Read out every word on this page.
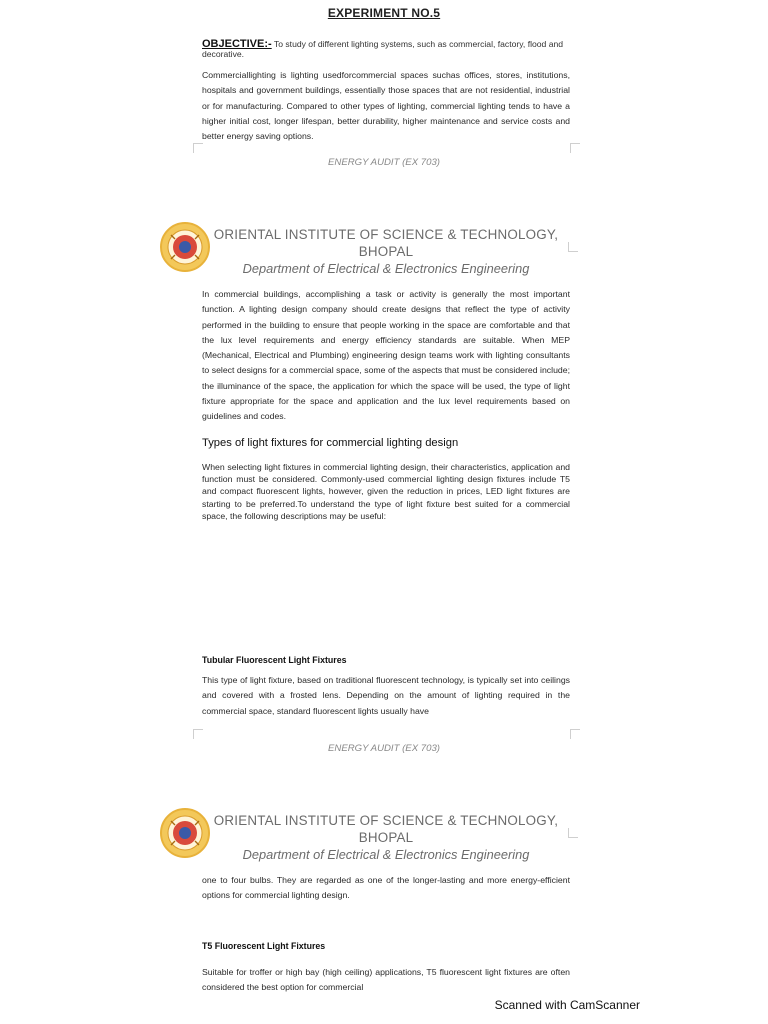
EXPERIMENT NO.5
OBJECTIVE:- To study of different lighting systems, such as commercial, factory, flood and decorative.
Commerciallighting is lighting usedforcommercial spaces suchas offices, stores, institutions, hospitals and government buildings, essentially those spaces that are not residential, industrial or for manufacturing. Compared to other types of lighting, commercial lighting tends to have a higher initial cost, longer lifespan, better durability, higher maintenance and service costs and better energy saving options.
ENERGY AUDIT (EX 703)
ORIENTAL INSTITUTE OF SCIENCE & TECHNOLOGY,
BHOPAL
Department of Electrical & Electronics Engineering
In commercial buildings, accomplishing a task or activity is generally the most important function. A lighting design company should create designs that reflect the type of activity performed in the building to ensure that people working in the space are comfortable and that the lux level requirements and energy efficiency standards are suitable. When MEP (Mechanical, Electrical and Plumbing) engineering design teams work with lighting consultants to select designs for a commercial space, some of the aspects that must be considered include; the illuminance of the space, the application for which the space will be used, the type of light fixture appropriate for the space and application and the lux level requirements based on guidelines and codes.
Types of light fixtures for commercial lighting design
When selecting light fixtures in commercial lighting design, their characteristics, application and function must be considered. Commonly-used commercial lighting design fixtures include T5 and compact fluorescent lights, however, given the reduction in prices, LED light fixtures are starting to be preferred.To understand the type of light fixture best suited for a commercial space, the following descriptions may be useful:
Tubular Fluorescent Light Fixtures
This type of light fixture, based on traditional fluorescent technology, is typically set into ceilings and covered with a frosted lens. Depending on the amount of lighting required in the commercial space, standard fluorescent lights usually have
ENERGY AUDIT (EX 703)
ORIENTAL INSTITUTE OF SCIENCE & TECHNOLOGY,
BHOPAL
Department of Electrical & Electronics Engineering
one to four bulbs. They are regarded as one of the longer-lasting and more energy-efficient options for commercial lighting design.
T5 Fluorescent Light Fixtures
Suitable for troffer or high bay (high ceiling) applications, T5 fluorescent light fixtures are often considered the best option for commercial
Scanned with CamScanner
